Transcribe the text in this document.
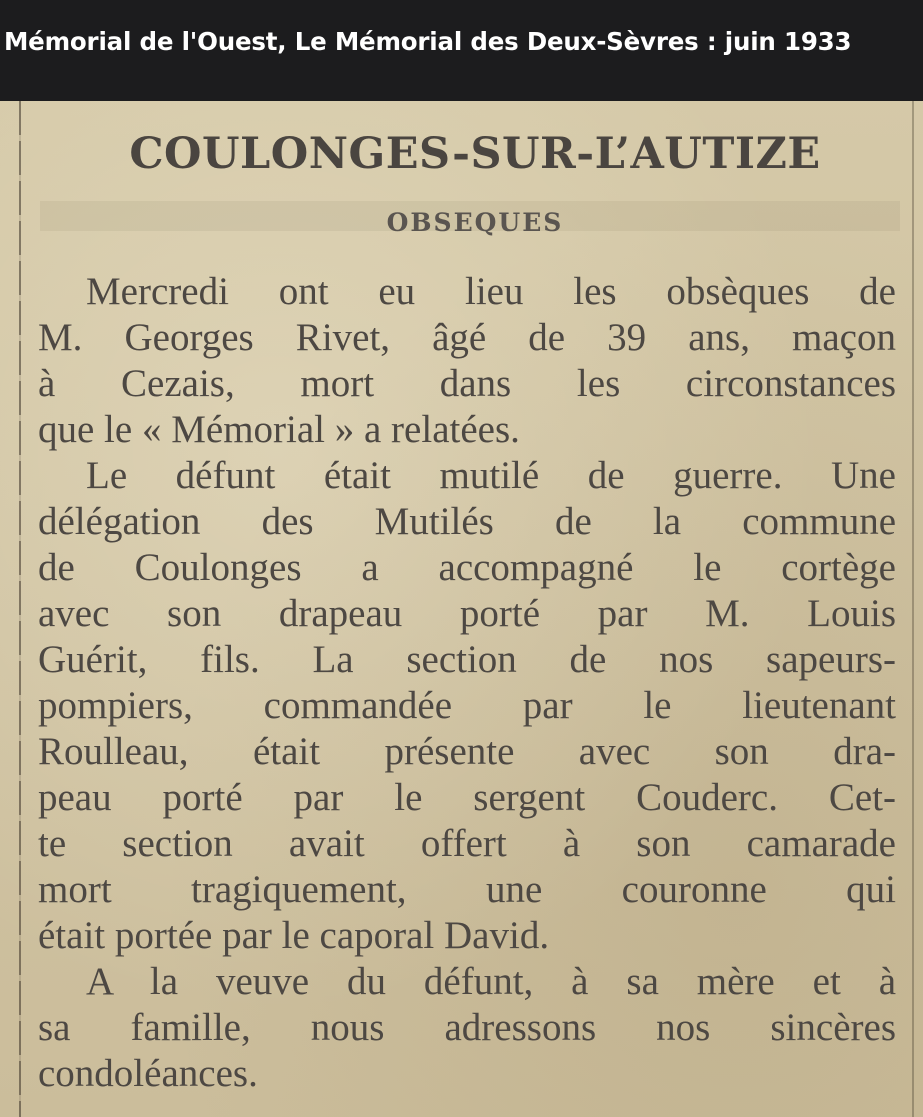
Mémorial de l'Ouest, Le Mémorial des Deux-Sèvres : juin 1933
COULONGES-SUR-L’AUTIZE
OBSEQUES
Mercredi ont eu lieu les obsèques de
M. Georges Rivet, âgé de 39 ans, maçon
à Cezais, mort dans les circonstances
que le « Mémorial » a relatées.
Le défunt était mutilé de guerre. Une
délégation des Mutilés de la commune
de Coulonges a accompagné le cortège
avec son drapeau porté par M. Louis
Guérit, fils. La section de nos sapeurs-
pompiers, commandée par le lieutenant
Roulleau, était présente avec son dra-
peau porté par le sergent Couderc. Cet-
te section avait offert à son camarade
mort tragiquement, une couronne qui
était portée par le caporal David.
A la veuve du défunt, à sa mère et à
sa famille, nous adressons nos sincères
condoléances.
